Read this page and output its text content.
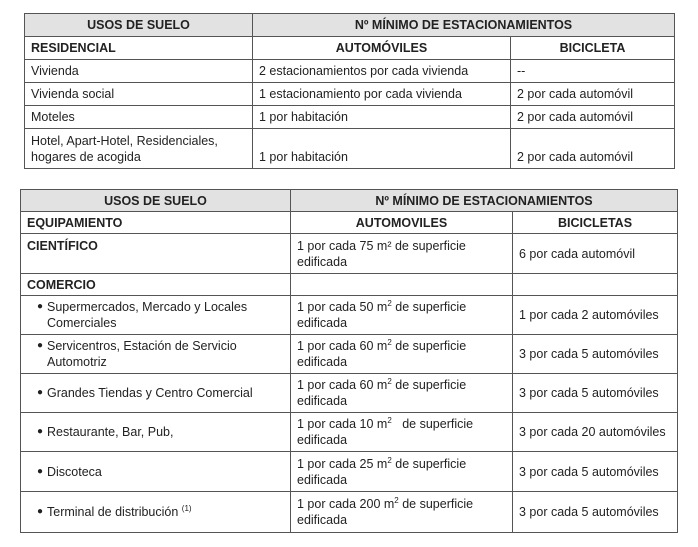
USOS DE SUELO	Nº MÍNIMO DE ESTACIONAMIENTOS	
RESIDENCIAL	AUTOMÓVILES	BICICLETA
Vivienda	2 estacionamientos por cada vivienda	--
Vivienda social	1 estacionamiento por cada vivienda	2 por cada automóvil
Moteles	1 por habitación	2 por cada automóvil
Hotel, Apart-Hotel, Residenciales, hogares de acogida	1 por habitación	2 por cada automóvil
USOS DE SUELO	Nº MÍNIMO DE ESTACIONAMIENTOS	
EQUIPAMIENTO	AUTOMOVILES	BICICLETAS
CIENTÍFICO	1 por cada 75 m² de superficie edificada	6 por cada automóvil
COMERCIO		

● Supermercados, Mercado y Locales Comerciales	1 por cada 50 $m^2$ de superficie edificada	1 por cada 2 automóviles

● Servicentros, Estación de Servicio Automotriz	1 por cada 60 $m^2$ de superficie edificada	3 por cada 5 automóviles

● Grandes Tiendas y Centro Comercial	1 por cada 60 $m^2$ de superficie edificada	3 por cada 5 automóviles

● Restaurante, Bar, Pub,	1 por cada 10 $m^2$   de superficie edificada	3 por cada 20 automóviles

● Discoteca	1 por cada 25 $m^2$ de superficie edificada	3 por cada 5 automóviles

● Terminal de distribución $^{(1)}$	1 por cada 200 $m^2$ de superficie edificada	3 por cada 5 automóviles
